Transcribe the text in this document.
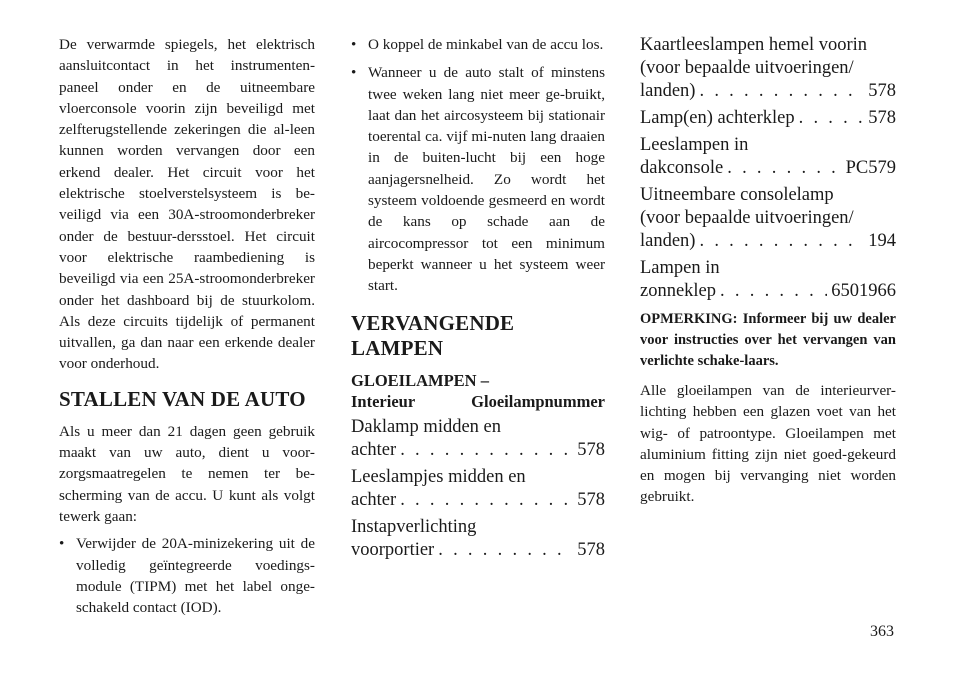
De verwarmde spiegels, het elektrisch aansluitcontact in het instrumenten-paneel onder en de uitneembare vloerconsole voorin zijn beveiligd met zelfterugstellende zekeringen die al-leen kunnen worden vervangen door een erkend dealer. Het circuit voor het elektrische stoelverstelsysteem is be-veiligd via een 30A-stroomonderbreker onder de bestuur-dersstoel. Het circuit voor elektrische raambediening is beveiligd via een 25A-stroomonderbreker onder het dashboard bij de stuurkolom. Als deze circuits tijdelijk of permanent uitvallen, ga dan naar een erkende dealer voor onderhoud.

STALLEN VAN DE AUTO

Als u meer dan 21 dagen geen gebruik maakt van uw auto, dient u voor-zorgsmaatregelen te nemen ter be-scherming van de accu. U kunt als volgt tewerk gaan:

• Verwijder de 20A-minizekering uit de volledig geïntegreerde voedings-module (TIPM) met het label onge-schakeld contact (IOD).
• O koppel de minkabel van de accu los.
• Wanneer u de auto stalt of minstens twee weken lang niet meer ge-bruikt, laat dan het aircosysteem bij stationair toerental ca. vijf mi-nuten lang draaien in de buiten-lucht bij een hoge aanjagersnelheid. Zo wordt het systeem voldoende gesmeerd en wordt de kans op schade aan de aircocompressor tot een minimum beperkt wanneer u het systeem weer start.
VERVANGENDE LAMPEN
GLOEILAMPEN –
Interieur	Gloeilampnummer
Daklamp midden en
achter . . .	578
Leeslampjes midden en
achter . . .	578
Instapverlichting
voorportier . . .	578
Kaartleeslampen hemel voorin
(voor bepaalde uitvoeringen/
landen) . . .	578
Lamp(en) achterklep . . .	578
Leeslampen in
dakconsole . . .	PC579
Uitneembare consolelamp
(voor bepaalde uitvoeringen/
landen) . . .	194
Lampen in
zonneklep . . .	6501966

OPMERKING: Informeer bij uw dealer voor instructies over het vervangen van verlichte schake-laars.

Alle gloeilampen van de interieurver-lichting hebben een glazen voet van het wig- of patroontype. Gloeilampen met aluminium fitting zijn niet goed-gekeurd en mogen bij vervanging niet worden gebruikt.

363
